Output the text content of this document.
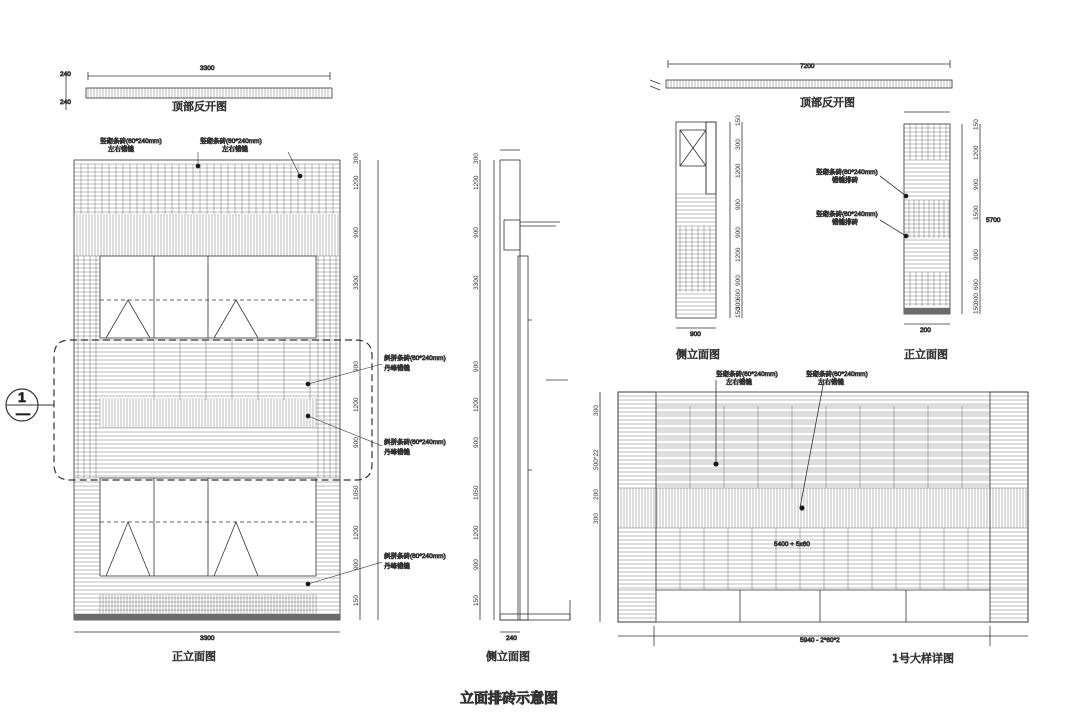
3300
240
240	顶部反开图
1
—
3300
正立面图
竖砌条砖(60*240mm)
左右错缝
竖砌条砖(60*240mm)
左右错缝
斜拼条砖(60*240mm)
丹峰错缝
斜拼条砖(60*240mm)
丹峰错缝
斜拼条砖(60*240mm)
丹峰错缝
240
侧立面图
7200
顶部反开图
900
侧立面图
5700
200
正立面图
竖砌条砖(60*240mm)
错缝排砖
竖砌条砖(60*240mm)
错缝排砖
竖砌条砖(60*240mm)
左右错缝
竖砌条砖(60*240mm)
左右错缝
5400 + 5x60
5940 - 2*60*2
1号大样详图
立面排砖示意图
300
1200
900
3300
900
1200
900
1050
1200
900
150
300
1200
900
3300
900
1200
900
1050
1200
900
150
150
300
1200
900
900
1200
900
600
300
150
150
1200
900
1500
900
600
300
150
300
500*22
200
300
